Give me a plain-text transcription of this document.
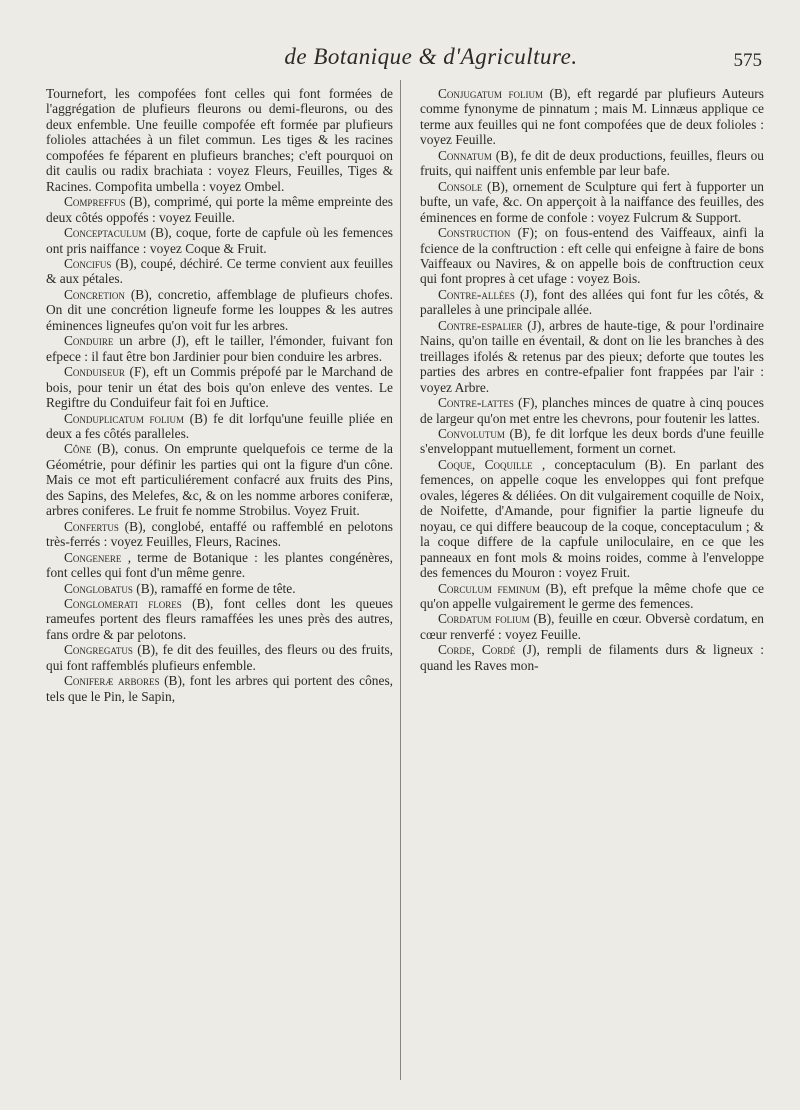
de Botanique & d'Agriculture.	575

Tournefort, les compofées font celles qui font formées de l'aggrégation de plufieurs fleurons ou demi-fleurons, ou des deux enfemble. Une feuille compofée eft formée par plufieurs folioles attachées à un filet commun. Les tiges & les racines compofées fe féparent en plufieurs branches; c'eft pourquoi on dit caulis ou radix brachiata : voyez Fleurs, Feuilles, Tiges & Racines. Compofita umbella : voyez Ombel.

Compreffus (B), comprimé, qui porte la même empreinte des deux côtés oppofés : voyez Feuille.

Conceptaculum (B), coque, forte de capfule où les femences ont pris naiffance : voyez Coque & Fruit.

Concifus (B), coupé, déchiré. Ce terme convient aux feuilles & aux pétales.

Concretion (B), concretio, affemblage de plufieurs chofes. On dit une concrétion ligneufe forme les louppes & les autres éminences ligneufes qu'on voit fur les arbres.

Conduire un arbre (J), eft le tailler, l'émonder, fuivant fon efpece : il faut être bon Jardinier pour bien conduire les arbres.

Conduiseur (F), eft un Commis prépofé par le Marchand de bois, pour tenir un état des bois qu'on enleve des ventes. Le Regiftre du Conduifeur fait foi en Juftice.

Conduplicatum folium (B) fe dit lorfqu'une feuille pliée en deux a fes côtés paralleles.

Cône (B), conus. On emprunte quelquefois ce terme de la Géométrie, pour définir les parties qui ont la figure d'un cône. Mais ce mot eft particuliérement confacré aux fruits des Pins, des Sapins, des Melefes, &c, & on les nomme arbores coniferæ, arbres coniferes. Le fruit fe nomme Strobilus. Voyez Fruit.

Confertus (B), conglobé, entaffé ou raffemblé en pelotons très-ferrés : voyez Feuilles, Fleurs, Racines.

Congenere , terme de Botanique : les plantes congénères, font celles qui font d'un même genre.

Conglobatus (B), ramaffé en forme de tête.

Conglomerati flores (B), font celles dont les queues rameufes portent des fleurs ramaffées les unes près des autres, fans ordre & par pelotons.

Congregatus (B), fe dit des feuilles, des fleurs ou des fruits, qui font raffemblés plufieurs enfemble.

Coniferæ arbores (B), font les arbres qui portent des cônes, tels que le Pin, le Sapin,

Conjugatum folium (B), eft regardé par plufieurs Auteurs comme fynonyme de pinnatum ; mais M. Linnæus applique ce terme aux feuilles qui ne font compofées que de deux folioles : voyez Feuille.

Connatum (B), fe dit de deux productions, feuilles, fleurs ou fruits, qui naiffent unis enfemble par leur bafe.

Console (B), ornement de Sculpture qui fert à fupporter un bufte, un vafe, &c. On apperçoit à la naiffance des feuilles, des éminences en forme de confole : voyez Fulcrum & Support.

Construction (F); on fous-entend des Vaiffeaux, ainfi la fcience de la conftruction : eft celle qui enfeigne à faire de bons Vaiffeaux ou Navires, & on appelle bois de conftruction ceux qui font propres à cet ufage : voyez Bois.

Contre-allées (J), font des allées qui font fur les côtés, & paralleles à une principale allée.

Contre-espalier (J), arbres de haute-tige, & pour l'ordinaire Nains, qu'on taille en éventail, & dont on lie les branches à des treillages ifolés & retenus par des pieux; deforte que toutes les parties des arbres en contre-efpalier font frappées par l'air : voyez Arbre.

Contre-lattes (F), planches minces de quatre à cinq pouces de largeur qu'on met entre les chevrons, pour foutenir les lattes.

Convolutum (B), fe dit lorfque les deux bords d'une feuille s'enveloppant mutuellement, forment un cornet.

Coque, Coquille , conceptaculum (B). En parlant des femences, on appelle coque les enveloppes qui font prefque ovales, légeres & déliées. On dit vulgairement coquille de Noix, de Noifette, d'Amande, pour fignifier la partie ligneufe du noyau, ce qui differe beaucoup de la coque, conceptaculum ; & la coque differe de la capfule uniloculaire, en ce que les panneaux en font mols & moins roides, comme à l'enveloppe des femences du Mouron : voyez Fruit.

Corculum feminum (B), eft prefque la même chofe que ce qu'on appelle vulgairement le germe des femences.

Cordatum folium (B), feuille en cœur. Obversè cordatum, en cœur renverfé : voyez Feuille.

Corde, Cordé (J), rempli de filaments durs & ligneux : quand les Raves mon-
